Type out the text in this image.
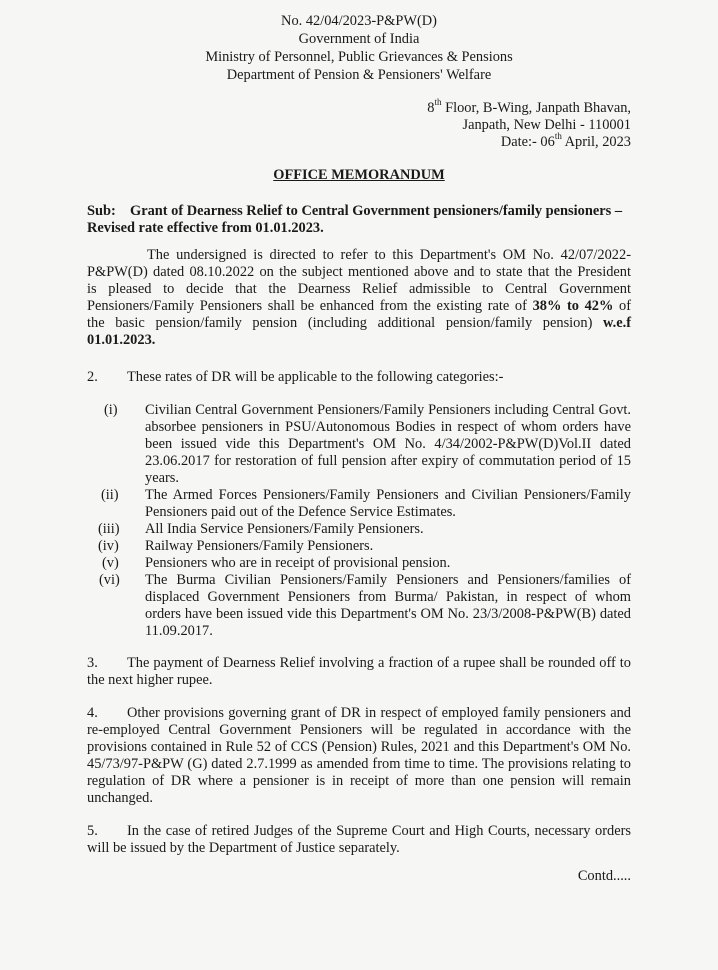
No. 42/04/2023-P&PW(D)
Government of India
Ministry of Personnel, Public Grievances & Pensions
Department of Pension & Pensioners' Welfare
8th Floor, B-Wing, Janpath Bhavan,
Janpath, New Delhi - 110001
Date:- 06th April, 2023
OFFICE MEMORANDUM
Sub: Grant of Dearness Relief to Central Government pensioners/family pensioners –
Revised rate effective from 01.01.2023.
The undersigned is directed to refer to this Department's OM No. 42/07/2022-
P&PW(D) dated 08.10.2022 on the subject mentioned above and to state that the President
is pleased to decide that the Dearness Relief admissible to Central Government
Pensioners/Family Pensioners shall be enhanced from the existing rate of 38% to 42% of
the basic pension/family pension (including additional pension/family pension) w.e.f
01.01.2023.
2. These rates of DR will be applicable to the following categories:-
(i) Civilian Central Government Pensioners/Family Pensioners including Central Govt.
absorbee pensioners in PSU/Autonomous Bodies in respect of whom orders have
been issued vide this Department's OM No. 4/34/2002-P&PW(D)Vol.II dated
23.06.2017 for restoration of full pension after expiry of commutation period of 15
years.
(ii) The Armed Forces Pensioners/Family Pensioners and Civilian Pensioners/Family
Pensioners paid out of the Defence Service Estimates.
(iii) All India Service Pensioners/Family Pensioners.
(iv) Railway Pensioners/Family Pensioners.
(v) Pensioners who are in receipt of provisional pension.
(vi) The Burma Civilian Pensioners/Family Pensioners and Pensioners/families of
displaced Government Pensioners from Burma/ Pakistan, in respect of whom
orders have been issued vide this Department's OM No. 23/3/2008-P&PW(B) dated
11.09.2017.
3. The payment of Dearness Relief involving a fraction of a rupee shall be rounded off to
the next higher rupee.
4. Other provisions governing grant of DR in respect of employed family pensioners and
re-employed Central Government Pensioners will be regulated in accordance with the
provisions contained in Rule 52 of CCS (Pension) Rules, 2021 and this Department's OM No.
45/73/97-P&PW (G) dated 2.7.1999 as amended from time to time. The provisions relating to
regulation of DR where a pensioner is in receipt of more than one pension will remain
unchanged.
5. In the case of retired Judges of the Supreme Court and High Courts, necessary orders
will be issued by the Department of Justice separately.
Contd.....
